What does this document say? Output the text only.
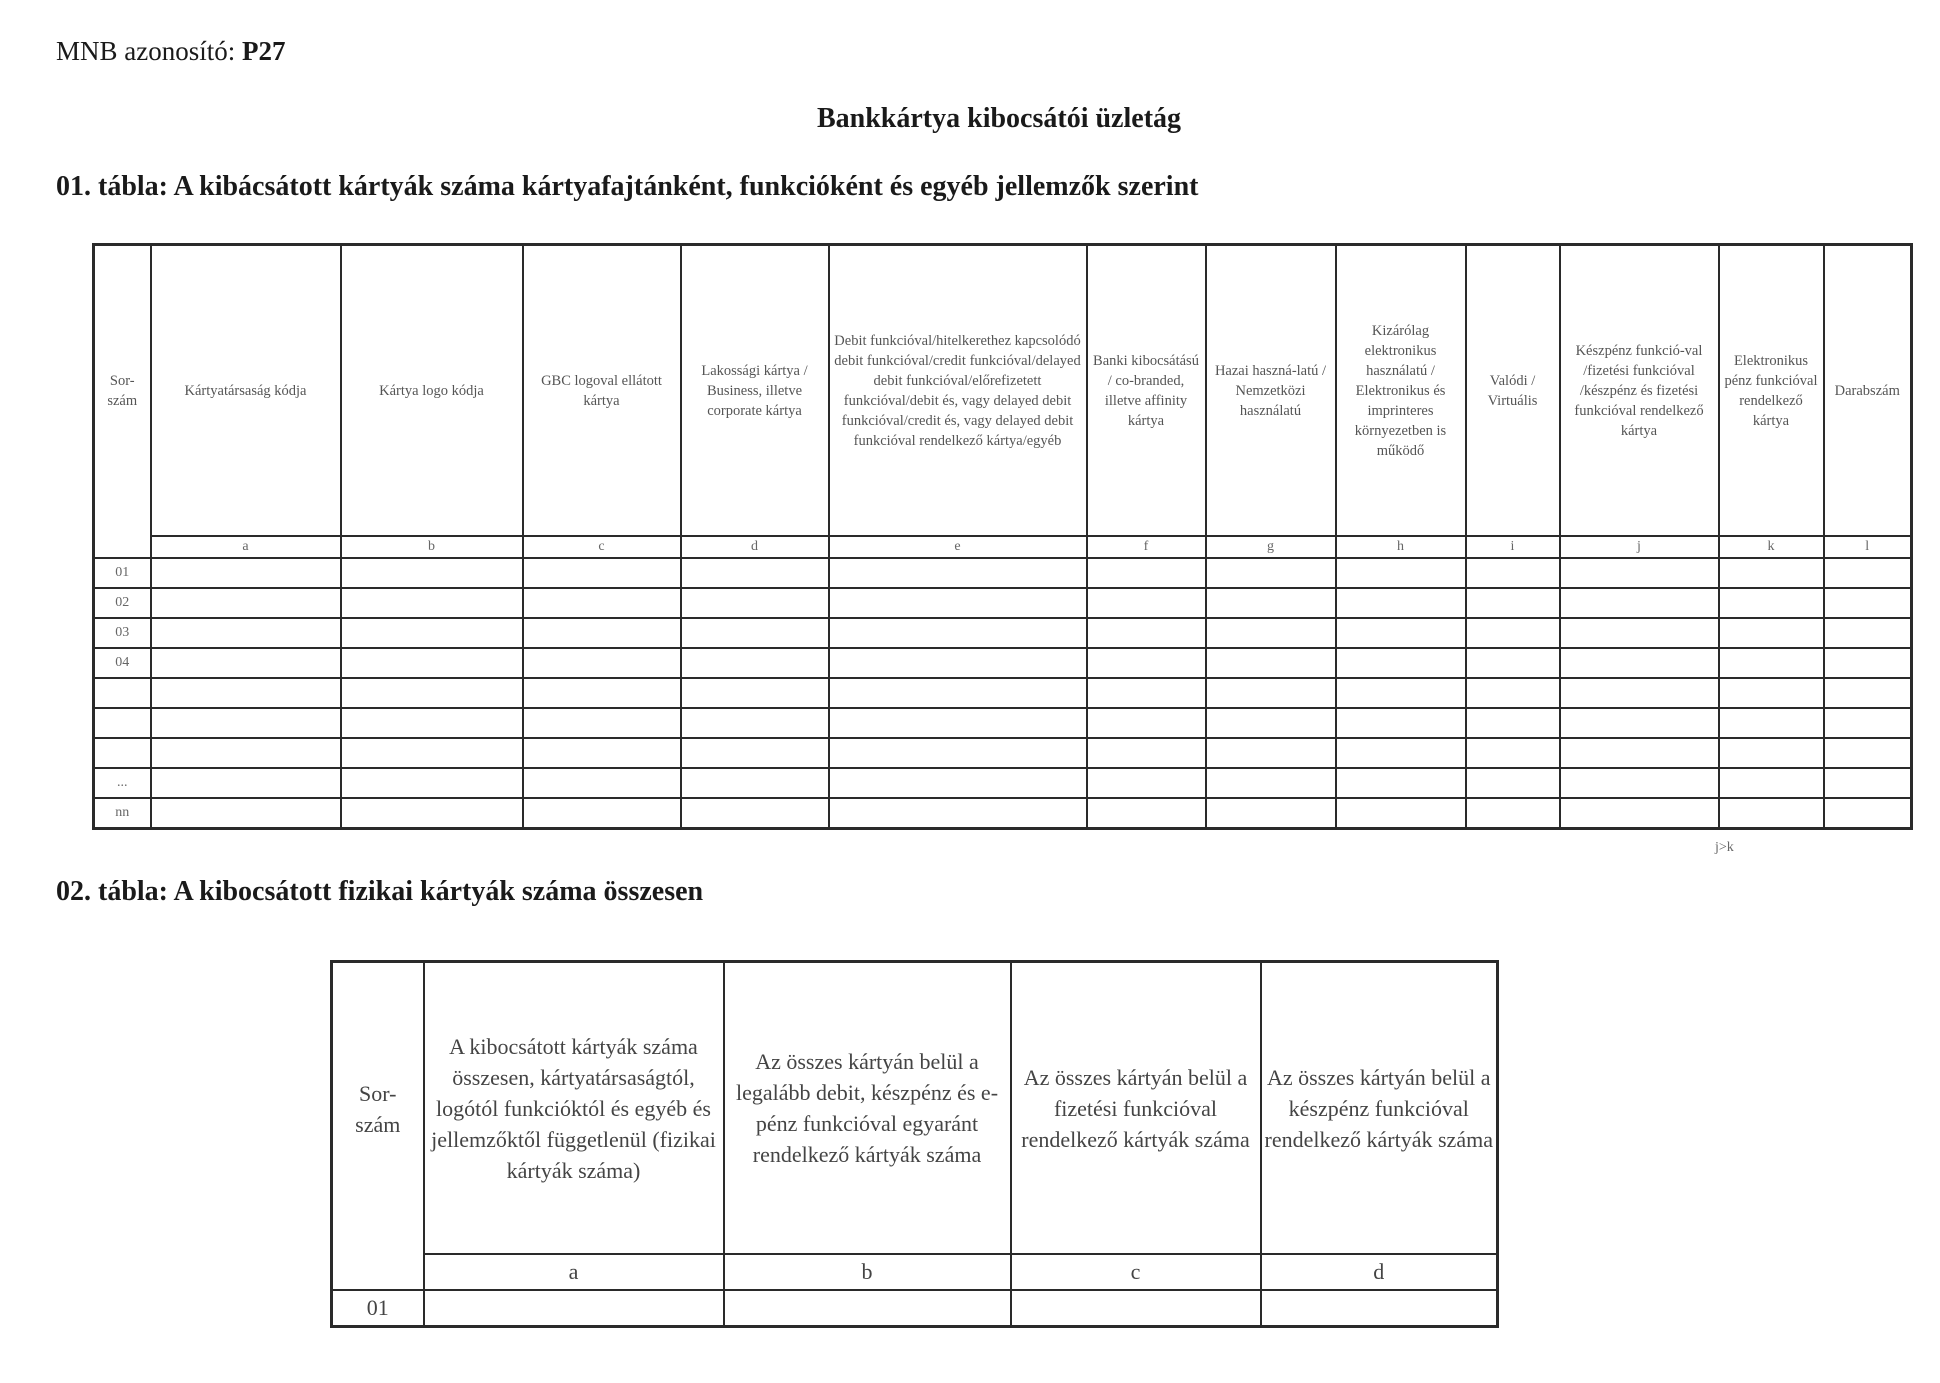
MNB azonosító: P27
Bankkártya kibocsátói üzletág
01. tábla: A kibácsátott kártyák száma kártyafajtánként, funkcióként és egyéb jellemzők szerint
Sor-
szám	Kártyatársaság kódja	Kártya logo kódja	GBC logoval ellátott kártya	Lakossági kártya / Business, illetve corporate kártya	Debit funkcióval/hitelkerethez kapcsolódó debit funkcióval/credit funkcióval/delayed debit funkcióval/előrefizetett funkcióval/debit és, vagy delayed debit funkcióval/credit és, vagy delayed debit funkcióval rendelkező kártya/egyéb	Banki kibocsátású / co-branded, illetve affinity kártya	Hazai haszná-latú / Nemzetközi használatú	Kizárólag elektronikus használatú / Elektronikus és imprinteres környezetben is működő	Valódi / Virtuális	Készpénz funkció-val /fizetési funkcióval /készpénz és fizetési funkcióval rendelkező kártya	Elektronikus pénz funkcióval rendelkező kártya	Darabszám
	a	b	c	d	e	f	g	h	i	j	k	l
01												
02												
03												
04												

...												
nn												
j>k
02. tábla: A kibocsátott fizikai kártyák száma összesen
Sor-
szám	A kibocsátott kártyák száma összesen, kártyatársaságtól, logótól funkcióktól és egyéb és jellemzőktől függetlenül (fizikai kártyák száma)	Az összes kártyán belül a legalább debit, készpénz és e-pénz funkcióval egyaránt rendelkező kártyák száma	Az összes kártyán belül a fizetési funkcióval rendelkező kártyák száma	Az összes kártyán belül a készpénz funkcióval rendelkező kártyák száma
	a	b	c	d
01				
